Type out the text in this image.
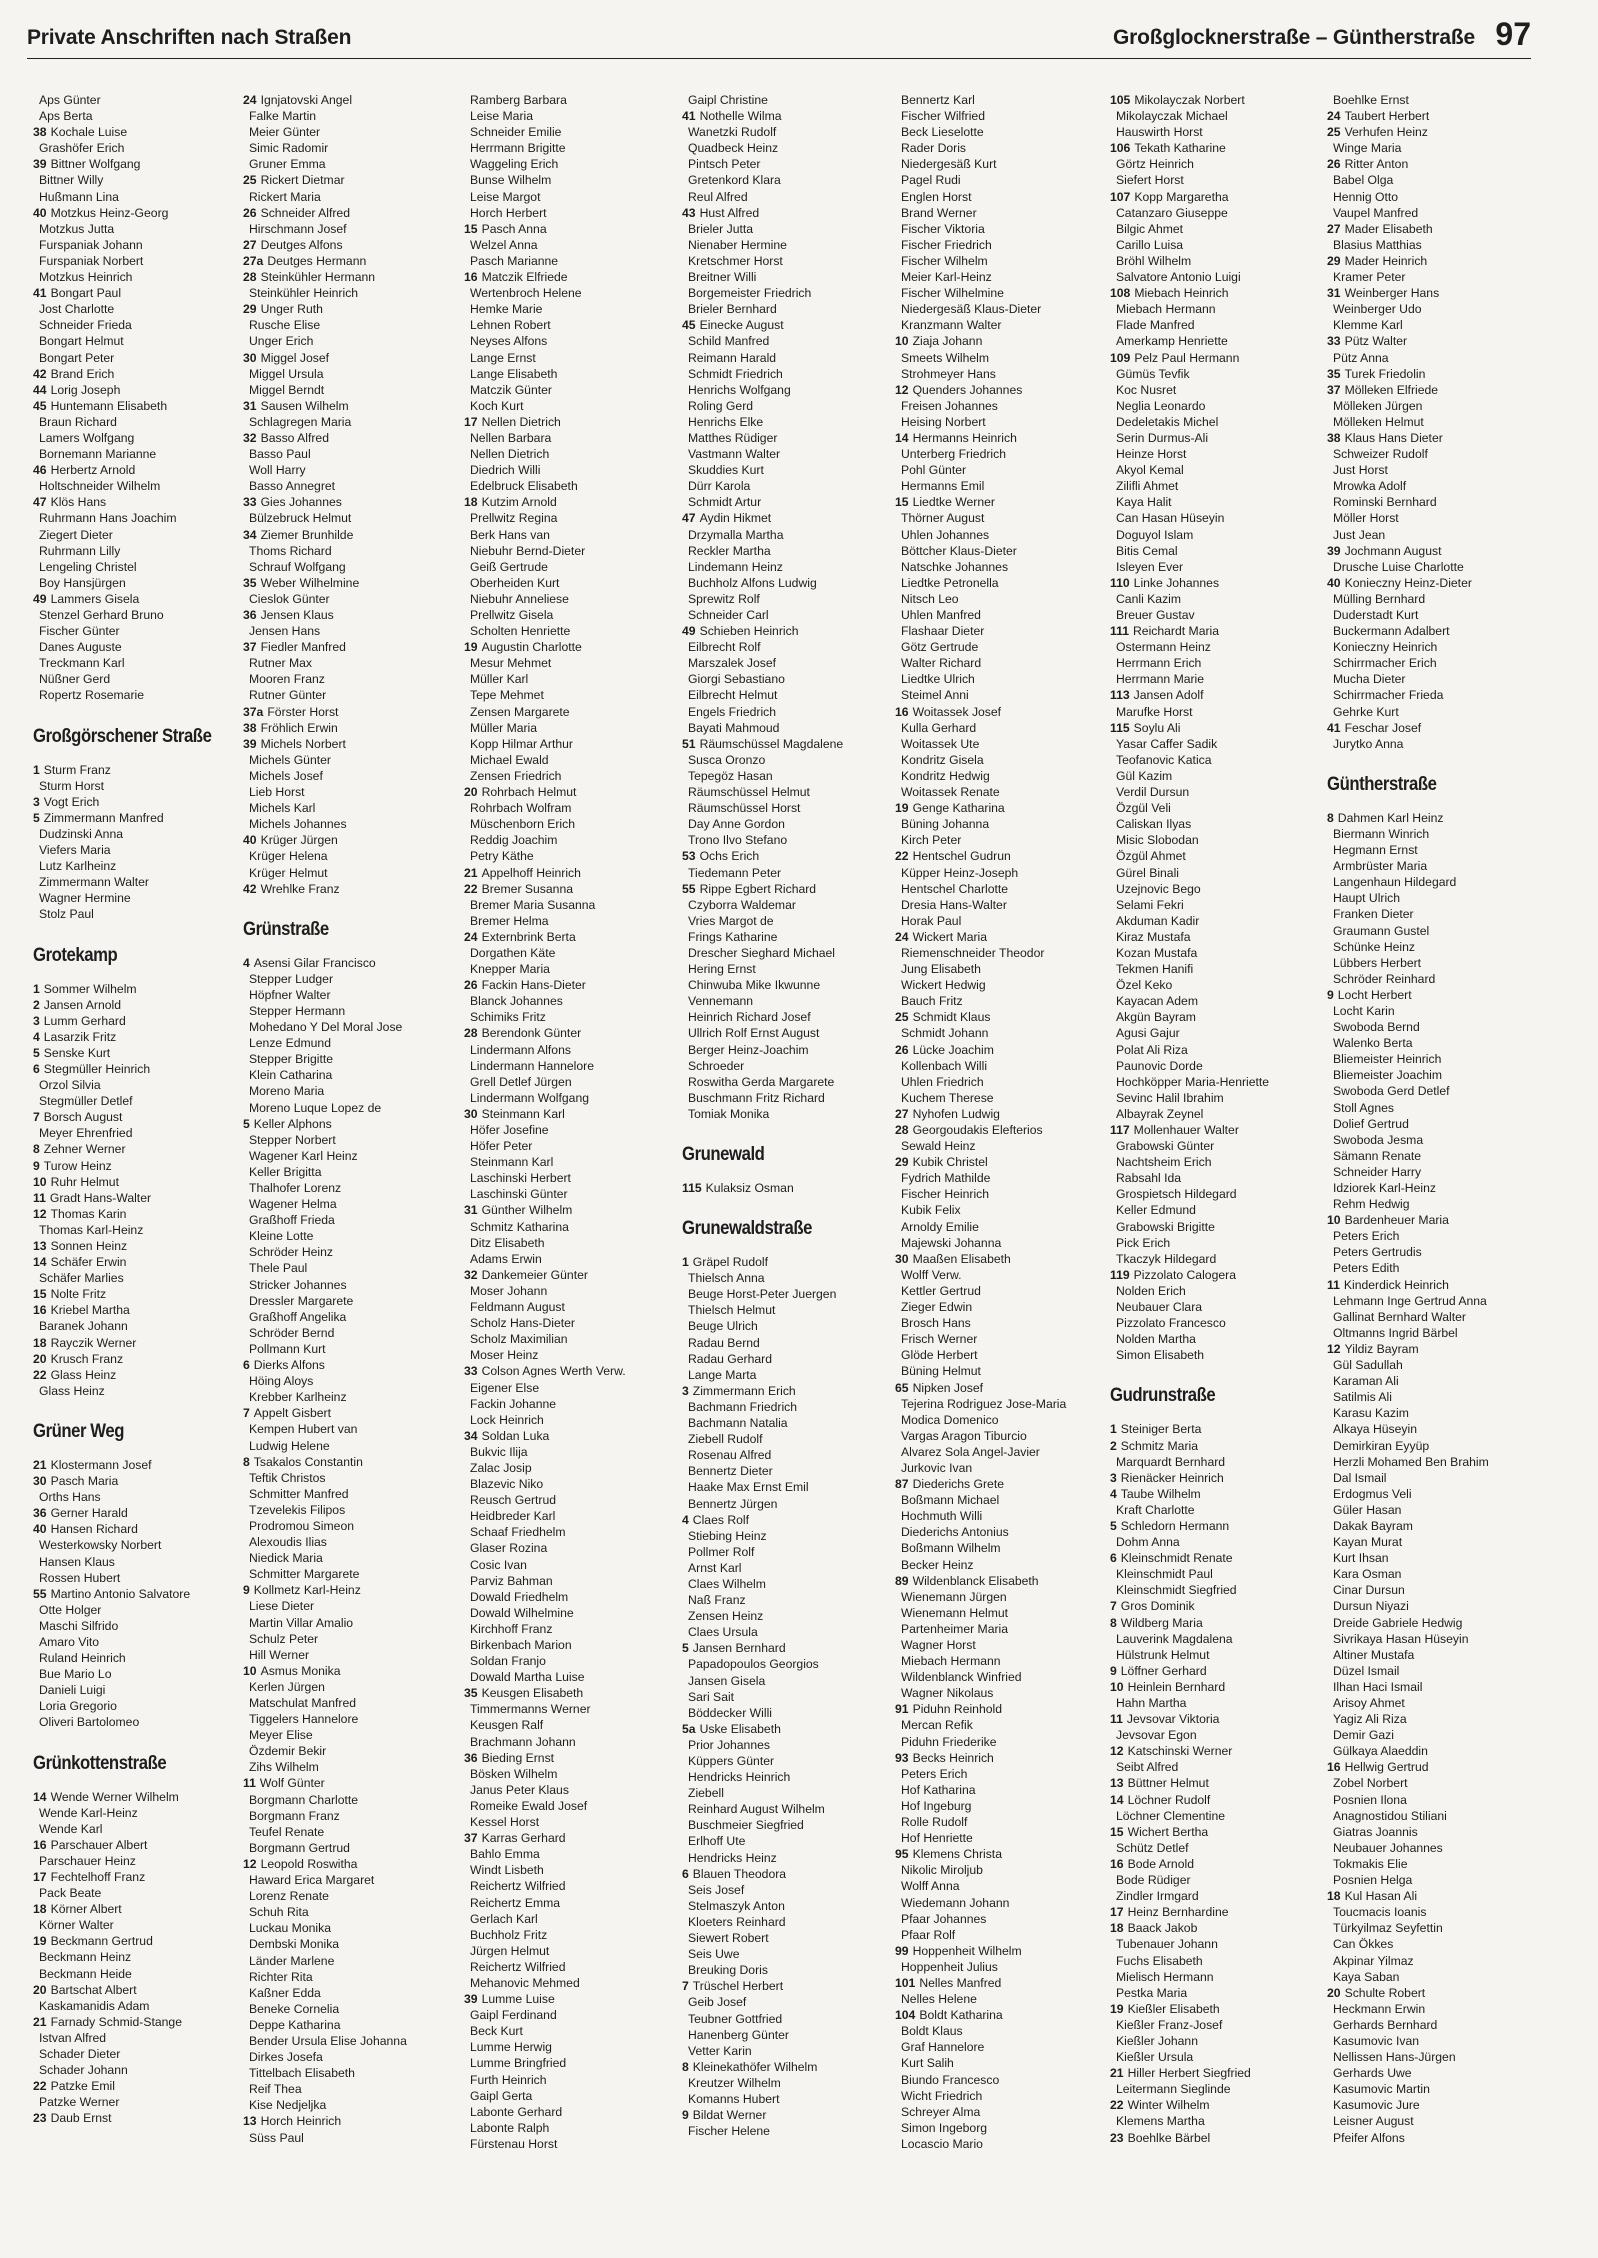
Private Anschriften nach Straßen	Großglocknerstraße – Güntherstraße 97
Aps Günter
Aps Berta
38 Kochale Luise
Grashöfer Erich
39 Bittner Wolfgang
Bittner Willy
Hußmann Lina
40 Motzkus Heinz-Georg
Motzkus Jutta
Furspaniak Johann
Furspaniak Norbert
Motzkus Heinrich
41 Bongart Paul
Jost Charlotte
Schneider Frieda
Bongart Helmut
Bongart Peter
42 Brand Erich
44 Lorig Joseph
45 Huntemann Elisabeth
Braun Richard
Lamers Wolfgang
Bornemann Marianne
46 Herbertz Arnold
Holtschneider Wilhelm
47 Klös Hans
Ruhrmann Hans Joachim
Ziegert Dieter
Ruhrmann Lilly
Lengeling Christel
Boy Hansjürgen
49 Lammers Gisela
Stenzel Gerhard Bruno
Fischer Günter
Danes Auguste
Treckmann Karl
Nüßner Gerd
Ropertz Rosemarie
Großgörschener Straße
1 Sturm Franz
Sturm Horst
3 Vogt Erich
5 Zimmermann Manfred
Dudzinski Anna
Viefers Maria
Lutz Karlheinz
Zimmermann Walter
Wagner Hermine
Stolz Paul
Grotekamp
1 Sommer Wilhelm
2 Jansen Arnold
3 Lumm Gerhard
4 Lasarzik Fritz
5 Senske Kurt
6 Stegmüller Heinrich
Orzol Silvia
Stegmüller Detlef
7 Borsch August
Meyer Ehrenfried
8 Zehner Werner
9 Turow Heinz
10 Ruhr Helmut
11 Gradt Hans-Walter
12 Thomas Karin
Thomas Karl-Heinz
13 Sonnen Heinz
14 Schäfer Erwin
Schäfer Marlies
15 Nolte Fritz
16 Kriebel Martha
Baranek Johann
18 Rayczik Werner
20 Krusch Franz
22 Glass Heinz
Glass Heinz
Grüner Weg
21 Klostermann Josef
30 Pasch Maria
Orths Hans
36 Gerner Harald
40 Hansen Richard
Westerkowsky Norbert
Hansen Klaus
Rossen Hubert
55 Martino Antonio Salvatore
Otte Holger
Maschi Silfrido
Amaro Vito
Ruland Heinrich
Bue Mario Lo
Danieli Luigi
Loria Gregorio
Oliveri Bartolomeo
Grünkottenstraße
14 Wende Werner Wilhelm
Wende Karl-Heinz
Wende Karl
16 Parschauer Albert
Parschauer Heinz
17 Fechtelhoff Franz
Pack Beate
18 Körner Albert
Körner Walter
19 Beckmann Gertrud
Beckmann Heinz
Beckmann Heide
20 Bartschat Albert
Kaskamanidis Adam
21 Farnady Schmid-Stange
Istvan Alfred
Schader Dieter
Schader Johann
22 Patzke Emil
Patzke Werner
23 Daub Ernst
24 Ignjatovski Angel
Falke Martin
Meier Günter
Simic Radomir
Gruner Emma
25 Rickert Dietmar
Rickert Maria
26 Schneider Alfred
Hirschmann Josef
27 Deutges Alfons
27a Deutges Hermann
28 Steinkühler Hermann
Steinkühler Heinrich
29 Unger Ruth
Rusche Elise
Unger Erich
30 Miggel Josef
Miggel Ursula
Miggel Berndt
31 Sausen Wilhelm
Schlagregen Maria
32 Basso Alfred
Basso Paul
Woll Harry
Basso Annegret
33 Gies Johannes
Bülzebruck Helmut
34 Ziemer Brunhilde
Thoms Richard
Schrauf Wolfgang
35 Weber Wilhelmine
Cieslok Günter
36 Jensen Klaus
Jensen Hans
37 Fiedler Manfred
Rutner Max
Mooren Franz
Rutner Günter
37a Förster Horst
38 Fröhlich Erwin
39 Michels Norbert
Michels Günter
Michels Josef
Lieb Horst
Michels Karl
Michels Johannes
40 Krüger Jürgen
Krüger Helena
Krüger Helmut
42 Wrehlke Franz
Grünstraße
4 Asensi Gilar Francisco
Stepper Ludger
Höpfner Walter
Stepper Hermann
Mohedano Y Del Moral Jose
Lenze Edmund
Stepper Brigitte
Klein Catharina
Moreno Maria
Moreno Luque Lopez de
5 Keller Alphons
Stepper Norbert
Wagener Karl Heinz
Keller Brigitta
Thalhofer Lorenz
Wagener Helma
Graßhoff Frieda
Kleine Lotte
Schröder Heinz
Thele Paul
Stricker Johannes
Dressler Margarete
Graßhoff Angelika
Schröder Bernd
Pollmann Kurt
6 Dierks Alfons
Höing Aloys
Krebber Karlheinz
7 Appelt Gisbert
Kempen Hubert van
Ludwig Helene
8 Tsakalos Constantin
Teftik Christos
Schmitter Manfred
Tzevelekis Filipos
Prodromou Simeon
Alexoudis Ilias
Niedick Maria
Schmitter Margarete
9 Kollmetz Karl-Heinz
Liese Dieter
Martin Villar Amalio
Schulz Peter
Hill Werner
10 Asmus Monika
Kerlen Jürgen
Matschulat Manfred
Tiggelers Hannelore
Meyer Elise
Özdemir Bekir
Zihs Wilhelm
11 Wolf Günter
Borgmann Charlotte
Borgmann Franz
Teufel Renate
Borgmann Gertrud
12 Leopold Roswitha
Haward Erica Margaret
Lorenz Renate
Schuh Rita
Luckau Monika
Dembski Monika
Länder Marlene
Richter Rita
Kaßner Edda
Beneke Cornelia
Deppe Katharina
Bender Ursula Elise Johanna
Dirkes Josefa
Tittelbach Elisabeth
Reif Thea
Kise Nedjeljka
13 Horch Heinrich
Süss Paul
Ramberg Barbara
Leise Maria
Schneider Emilie
Herrmann Brigitte
Waggeling Erich
Bunse Wilhelm
Leise Margot
Horch Herbert
15 Pasch Anna
Welzel Anna
Pasch Marianne
16 Matczik Elfriede
Wertenbroch Helene
Hemke Marie
Lehnen Robert
Neyses Alfons
Lange Ernst
Lange Elisabeth
Matczik Günter
Koch Kurt
17 Nellen Dietrich
Nellen Barbara
Nellen Dietrich
Diedrich Willi
Edelbruck Elisabeth
18 Kutzim Arnold
Prellwitz Regina
Berk Hans van
Niebuhr Bernd-Dieter
Geiß Gertrude
Oberheiden Kurt
Niebuhr Anneliese
Prellwitz Gisela
Scholten Henriette
19 Augustin Charlotte
Mesur Mehmet
Müller Karl
Tepe Mehmet
Zensen Margarete
Müller Maria
Kopp Hilmar Arthur
Michael Ewald
Zensen Friedrich
20 Rohrbach Helmut
Rohrbach Wolfram
Müschenborn Erich
Reddig Joachim
Petry Käthe
21 Appelhoff Heinrich
22 Bremer Susanna
Bremer Maria Susanna
Bremer Helma
24 Externbrink Berta
Dorgathen Käte
Knepper Maria
26 Fackin Hans-Dieter
Blanck Johannes
Schimiks Fritz
28 Berendonk Günter
Lindermann Alfons
Lindermann Hannelore
Grell Detlef Jürgen
Lindermann Wolfgang
30 Steinmann Karl
Höfer Josefine
Höfer Peter
Steinmann Karl
Laschinski Herbert
Laschinski Günter
31 Günther Wilhelm
Schmitz Katharina
Ditz Elisabeth
Adams Erwin
32 Dankemeier Günter
Moser Johann
Feldmann August
Scholz Hans-Dieter
Scholz Maximilian
Moser Heinz
33 Colson Agnes Werth Verw.
Eigener Else
Fackin Johanne
Lock Heinrich
34 Soldan Luka
Bukvic Ilija
Zalac Josip
Blazevic Niko
Reusch Gertrud
Heidbreder Karl
Schaaf Friedhelm
Glaser Rozina
Cosic Ivan
Parviz Bahman
Dowald Friedhelm
Dowald Wilhelmine
Kirchhoff Franz
Birkenbach Marion
Soldan Franjo
Dowald Martha Luise
35 Keusgen Elisabeth
Timmermanns Werner
Keusgen Ralf
Brachmann Johann
36 Bieding Ernst
Bösken Wilhelm
Janus Peter Klaus
Romeike Ewald Josef
Kessel Horst
37 Karras Gerhard
Bahlo Emma
Windt Lisbeth
Reichertz Wilfried
Reichertz Emma
Gerlach Karl
Buchholz Fritz
Jürgen Helmut
Reichertz Wilfried
Mehanovic Mehmed
39 Lumme Luise
Gaipl Ferdinand
Beck Kurt
Lumme Herwig
Lumme Bringfried
Furth Heinrich
Gaipl Gerta
Labonte Gerhard
Labonte Ralph
Fürstenau Horst
Gaipl Christine
41 Nothelle Wilma
Wanetzki Rudolf
Quadbeck Heinz
Pintsch Peter
Gretenkord Klara
Reul Alfred
43 Hust Alfred
Brieler Jutta
Nienaber Hermine
Kretschmer Horst
Breitner Willi
Borgemeister Friedrich
Brieler Bernhard
45 Einecke August
Schild Manfred
Reimann Harald
Schmidt Friedrich
Henrichs Wolfgang
Roling Gerd
Henrichs Elke
Matthes Rüdiger
Vastmann Walter
Skuddies Kurt
Dürr Karola
Schmidt Artur
47 Aydin Hikmet
Drzymalla Martha
Reckler Martha
Lindemann Heinz
Buchholz Alfons Ludwig
Sprewitz Rolf
Schneider Carl
49 Schieben Heinrich
Eilbrecht Rolf
Marszalek Josef
Giorgi Sebastiano
Eilbrecht Helmut
Engels Friedrich
Bayati Mahmoud
51 Räumschüssel Magdalene
Susca Oronzo
Tepegöz Hasan
Räumschüssel Helmut
Räumschüssel Horst
Day Anne Gordon
Trono Ilvo Stefano
53 Ochs Erich
Tiedemann Peter
55 Rippe Egbert Richard
Czyborra Waldemar
Vries Margot de
Frings Katharine
Drescher Sieghard Michael
Hering Ernst
Chinwuba Mike Ikwunne
Vennemann
Heinrich Richard Josef
Ullrich Rolf Ernst August
Berger Heinz-Joachim
Schroeder
Roswitha Gerda Margarete
Buschmann Fritz Richard
Tomiak Monika
Grunewald
115 Kulaksiz Osman
Grunewaldstraße
1 Gräpel Rudolf
Thielsch Anna
Beuge Horst-Peter Juergen
Thielsch Helmut
Beuge Ulrich
Radau Bernd
Radau Gerhard
Lange Marta
3 Zimmermann Erich
Bachmann Friedrich
Bachmann Natalia
Ziebell Rudolf
Rosenau Alfred
Bennertz Dieter
Haake Max Ernst Emil
Bennertz Jürgen
4 Claes Rolf
Stiebing Heinz
Pollmer Rolf
Arnst Karl
Claes Wilhelm
Naß Franz
Zensen Heinz
Claes Ursula
5 Jansen Bernhard
Papadopoulos Georgios
Jansen Gisela
Sari Sait
Böddecker Willi
5a Uske Elisabeth
Prior Johannes
Küppers Günter
Hendricks Heinrich
Ziebell
Reinhard August Wilhelm
Buschmeier Siegfried
Erlhoff Ute
Hendricks Heinz
6 Blauen Theodora
Seis Josef
Stelmaszyk Anton
Kloeters Reinhard
Siewert Robert
Seis Uwe
Breuking Doris
7 Trüschel Herbert
Geib Josef
Teubner Gottfried
Hanenberg Günter
Vetter Karin
8 Kleinekathöfer Wilhelm
Kreutzer Wilhelm
Komanns Hubert
9 Bildat Werner
Fischer Helene
Bennertz Karl
Fischer Wilfried
Beck Lieselotte
Rader Doris
Niedergesäß Kurt
Pagel Rudi
Englen Horst
Brand Werner
Fischer Viktoria
Fischer Friedrich
Fischer Wilhelm
Meier Karl-Heinz
Fischer Wilhelmine
Niedergesäß Klaus-Dieter
Kranzmann Walter
10 Ziaja Johann
Smeets Wilhelm
Strohmeyer Hans
12 Quenders Johannes
Freisen Johannes
Heising Norbert
14 Hermanns Heinrich
Unterberg Friedrich
Pohl Günter
Hermanns Emil
15 Liedtke Werner
Thörner August
Uhlen Johannes
Böttcher Klaus-Dieter
Natschke Johannes
Liedtke Petronella
Nitsch Leo
Uhlen Manfred
Flashaar Dieter
Götz Gertrude
Walter Richard
Liedtke Ulrich
Steimel Anni
16 Woitassek Josef
Kulla Gerhard
Woitassek Ute
Kondritz Gisela
Kondritz Hedwig
Woitassek Renate
19 Genge Katharina
Büning Johanna
Kirch Peter
22 Hentschel Gudrun
Küpper Heinz-Joseph
Hentschel Charlotte
Dresia Hans-Walter
Horak Paul
24 Wickert Maria
Riemenschneider Theodor
Jung Elisabeth
Wickert Hedwig
Bauch Fritz
25 Schmidt Klaus
Schmidt Johann
26 Lücke Joachim
Kollenbach Willi
Uhlen Friedrich
Kuchem Therese
27 Nyhofen Ludwig
28 Georgoudakis Elefterios
Sewald Heinz
29 Kubik Christel
Fydrich Mathilde
Fischer Heinrich
Kubik Felix
Arnoldy Emilie
Majewski Johanna
30 Maaßen Elisabeth
Wolff Verw.
Kettler Gertrud
Zieger Edwin
Brosch Hans
Frisch Werner
Glöde Herbert
Büning Helmut
65 Nipken Josef
Tejerina Rodriguez Jose-Maria
Modica Domenico
Vargas Aragon Tiburcio
Alvarez Sola Angel-Javier
Jurkovic Ivan
87 Diederichs Grete
Boßmann Michael
Hochmuth Willi
Diederichs Antonius
Boßmann Wilhelm
Becker Heinz
89 Wildenblanck Elisabeth
Wienemann Jürgen
Wienemann Helmut
Partenheimer Maria
Wagner Horst
Miebach Hermann
Wildenblanck Winfried
Wagner Nikolaus
91 Piduhn Reinhold
Mercan Refik
Piduhn Friederike
93 Becks Heinrich
Peters Erich
Hof Katharina
Hof Ingeburg
Rolle Rudolf
Hof Henriette
95 Klemens Christa
Nikolic Mirolјub
Wolff Anna
Wiedemann Johann
Pfaar Johannes
Pfaar Rolf
99 Hoppenheit Wilhelm
Hoppenheit Julius
101 Nelles Manfred
Nelles Helene
104 Boldt Katharina
Boldt Klaus
Graf Hannelore
Kurt Salih
Biundo Francesco
Wicht Friedrich
Schreyer Alma
Simon Ingeborg
Locascio Mario
105 Mikolayczak Norbert
Mikolayczak Michael
Hauswirth Horst
106 Tekath Katharine
Görtz Heinrich
Siefert Horst
107 Kopp Margaretha
Catanzaro Giuseppe
Bilgic Ahmet
Carillo Luisa
Bröhl Wilhelm
Salvatore Antonio Luigi
108 Miebach Heinrich
Miebach Hermann
Flade Manfred
Amerkamp Henriette
109 Pelz Paul Hermann
Gümüs Tevfik
Koc Nusret
Neglia Leonardo
Dedeletakis Michel
Serin Durmus-Ali
Heinze Horst
Akyol Kemal
Zilifli Ahmet
Kaya Halit
Can Hasan Hüseyin
Doguyol Islam
Bitis Cemal
Isleyen Ever
110 Linke Johannes
Canli Kazim
Breuer Gustav
111 Reichardt Maria
Ostermann Heinz
Herrmann Erich
Herrmann Marie
113 Jansen Adolf
Marufke Horst
115 Soylu Ali
Yasar Caffer Sadik
Teofanovic Katica
Gül Kazim
Verdil Dursun
Özgül Veli
Caliskan Ilyas
Misic Slobodan
Özgül Ahmet
Gürel Binali
Uzejnovic Bego
Selami Fekri
Akduman Kadir
Kiraz Mustafa
Kozan Mustafa
Tekmen Hanifi
Özel Keko
Kayacan Adem
Akgün Bayram
Agusi Gajur
Polat Ali Riza
Paunovic Dorde
Hochköpper Maria-Henriette
Sevinc Halil Ibrahim
Albayrak Zeynel
117 Mollenhauer Walter
Grabowski Günter
Nachtsheim Erich
Rabsahl Ida
Grospietsch Hildegard
Keller Edmund
Grabowski Brigitte
Pick Erich
Tkaczyk Hildegard
119 Pizzolato Calogera
Nolden Erich
Neubauer Clara
Pizzolato Francesco
Nolden Martha
Simon Elisabeth
Gudrunstraße
1 Steiniger Berta
2 Schmitz Maria
Marquardt Bernhard
3 Rienäcker Heinrich
4 Taube Wilhelm
Kraft Charlotte
5 Schledorn Hermann
Dohm Anna
6 Kleinschmidt Renate
Kleinschmidt Paul
Kleinschmidt Siegfried
7 Gros Dominik
8 Wildberg Maria
Lauverink Magdalena
Hülstrunk Helmut
9 Löffner Gerhard
10 Heinlein Bernhard
Hahn Martha
11 Jevsovar Viktoria
Jevsovar Egon
12 Katschinski Werner
Seibt Alfred
13 Büttner Helmut
14 Löchner Rudolf
Löchner Clementine
15 Wichert Bertha
Schütz Detlef
16 Bode Arnold
Bode Rüdiger
Zindler Irmgard
17 Heinz Bernhardine
18 Baack Jakob
Tubenauer Johann
Fuchs Elisabeth
Mielisch Hermann
Pestka Maria
19 Kießler Elisabeth
Kießler Franz-Josef
Kießler Johann
Kießler Ursula
21 Hiller Herbert Siegfried
Leitermann Sieglinde
22 Winter Wilhelm
Klemens Martha
23 Boehlke Bärbel
Boehlke Ernst
24 Taubert Herbert
25 Verhufen Heinz
Winge Maria
26 Ritter Anton
Babel Olga
Hennig Otto
Vaupel Manfred
27 Mader Elisabeth
Blasius Matthias
29 Mader Heinrich
Kramer Peter
31 Weinberger Hans
Weinberger Udo
Klemme Karl
33 Pütz Walter
Pütz Anna
35 Turek Friedolin
37 Mölleken Elfriede
Mölleken Jürgen
Mölleken Helmut
38 Klaus Hans Dieter
Schweizer Rudolf
Just Horst
Mrowka Adolf
Rominski Bernhard
Möller Horst
Just Jean
39 Jochmann August
Drusche Luise Charlotte
40 Konieczny Heinz-Dieter
Mülling Bernhard
Duderstadt Kurt
Buckermann Adalbert
Konieczny Heinrich
Schirrmacher Erich
Mucha Dieter
Schirrmacher Frieda
Gehrke Kurt
41 Feschar Josef
Jurytko Anna
Güntherstraße
8 Dahmen Karl Heinz
Biermann Winrich
Hegmann Ernst
Armbrüster Maria
Langenhaun Hildegard
Haupt Ulrich
Franken Dieter
Graumann Gustel
Schünke Heinz
Lübbers Herbert
Schröder Reinhard
9 Locht Herbert
Locht Karin
Swoboda Bernd
Walenko Berta
Bliemeister Heinrich
Bliemeister Joachim
Swoboda Gerd Detlef
Stoll Agnes
Dolief Gertrud
Swoboda Jesma
Sämann Renate
Schneider Harry
Idziorek Karl-Heinz
Rehm Hedwig
10 Bardenheuer Maria
Peters Erich
Peters Gertrudis
Peters Edith
11 Kinderdick Heinrich
Lehmann Inge Gertrud Anna
Gallinat Bernhard Walter
Oltmanns Ingrid Bärbel
12 Yildiz Bayram
Gül Sadullah
Karaman Ali
Satilmis Ali
Karasu Kazim
Alkaya Hüseyin
Demirkiran Eyyüp
Herzli Mohamed Ben Brahim
Dal Ismail
Erdogmus Veli
Güler Hasan
Dakak Bayram
Kayan Murat
Kurt Ihsan
Kara Osman
Cinar Dursun
Dursun Niyazi
Dreide Gabriele Hedwig
Sivrikaya Hasan Hüseyin
Altiner Mustafa
Düzel Ismail
Ilhan Haci Ismail
Arisoy Ahmet
Yagiz Ali Riza
Demir Gazi
Gülkaya Alaeddin
16 Hellwig Gertrud
Zobel Norbert
Posnien Ilona
Anagnostidou Stiliani
Giatras Joannis
Neubauer Johannes
Tokmakis Elie
Posnien Helga
18 Kul Hasan Ali
Toucmacis Ioanis
Türkyilmaz Seyfettin
Can Ökkes
Akpinar Yilmaz
Kaya Saban
20 Schulte Robert
Heckmann Erwin
Gerhards Bernhard
Kasumovic Ivan
Nellissen Hans-Jürgen
Gerhards Uwe
Kasumovic Martin
Kasumovic Jure
Leisner August
Pfeifer Alfons
